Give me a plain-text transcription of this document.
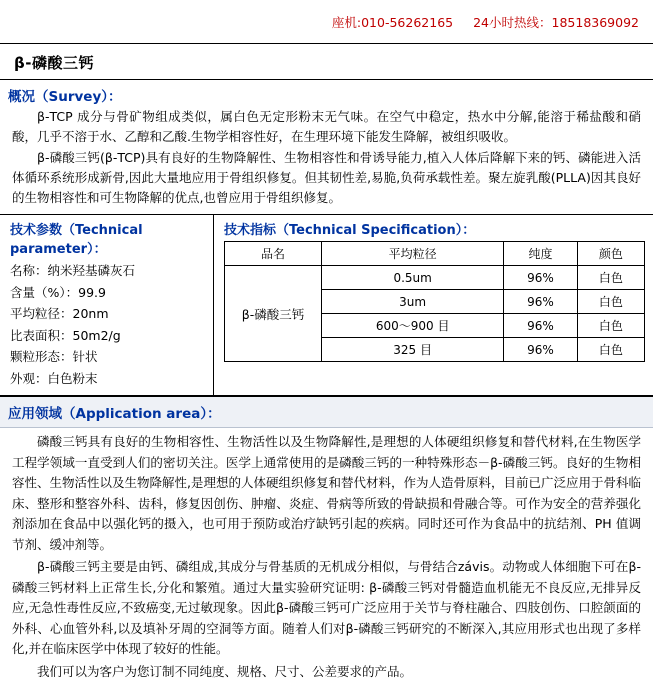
座机:010-56262165 24小时热线：18518369092
β-磷酸三钙
概况（Survey）：
β-TCP 成分与骨矿物组成类似，属白色无定形粉末无气味。在空气中稳定，热水中分解,能溶于稀盐酸和硝酸，几乎不溶于水、乙醇和乙酸.生物学相容性好，在生理环境下能发生降解，被组织吸收。
β-磷酸三钙(β-TCP)具有良好的生物降解性、生物相容性和骨诱导能力,植入人体后降解下来的钙、磷能进入活体循环系统形成新骨,因此大量地应用于骨组织修复。但其韧性差,易脆,负荷承载性差。聚左旋乳酸(PLLA)因其良好的生物相容性和可生物降解的优点,也曾应用于骨组织修复。
技术参数（Technical parameter）：
名称：纳米羟基磷灰石
含量（%）：99.9
平均粒径：20nm
比表面积：50m2/g
颗粒形态：针状
外观：白色粉末
技术指标（Technical Specification）：
品名	平均粒径	纯度	颜色
β-磷酸三钙	0.5um	96%	白色
	3um	96%	白色
	600～900 目	96%	白色
	325 目	96%	白色
应用领域（Application area）：

磷酸三钙具有良好的生物相容性、生物活性以及生物降解性,是理想的人体硬组织修复和替代材料,在生物医学工程学领域一直受到人们的密切关注。医学上通常使用的是磷酸三钙的一种特殊形态－β-磷酸三钙。良好的生物相容性、生物活性以及生物降解性,是理想的人体硬组织修复和替代材料，作为人造骨原料，目前已广泛应用于骨科临床、整形和整容外科、齿科，修复因创伤、肿瘤、炎症、骨病等所致的骨缺损和骨融合等。可作为安全的营养强化剂添加在食品中以强化钙的摄入，也可用于预防或治疗缺钙引起的疾病。同时还可作为食品中的抗结剂、PH 值调节剂、缓冲剂等。

β-磷酸三钙主要是由钙、磷组成,其成分与骨基质的无机成分相似，与骨结合závis。动物或人体细胞下可在β-磷酸三钙材料上正常生长,分化和繁殖。通过大量实验研究证明: β-磷酸三钙对骨髓造血机能无不良反应,无排异反应,无急性毒性反应,不致癌变,无过敏现象。因此β-磷酸三钙可广泛应用于关节与脊柱融合、四肢创伤、口腔颌面的外科、心血管外科,以及填补牙周的空洞等方面。随着人们对β-磷酸三钙研究的不断深入,其应用形式也出现了多样化,并在临床医学中体现了较好的性能。

我们可以为客户为您订制不同纯度、规格、尺寸、公差要求的产品。
